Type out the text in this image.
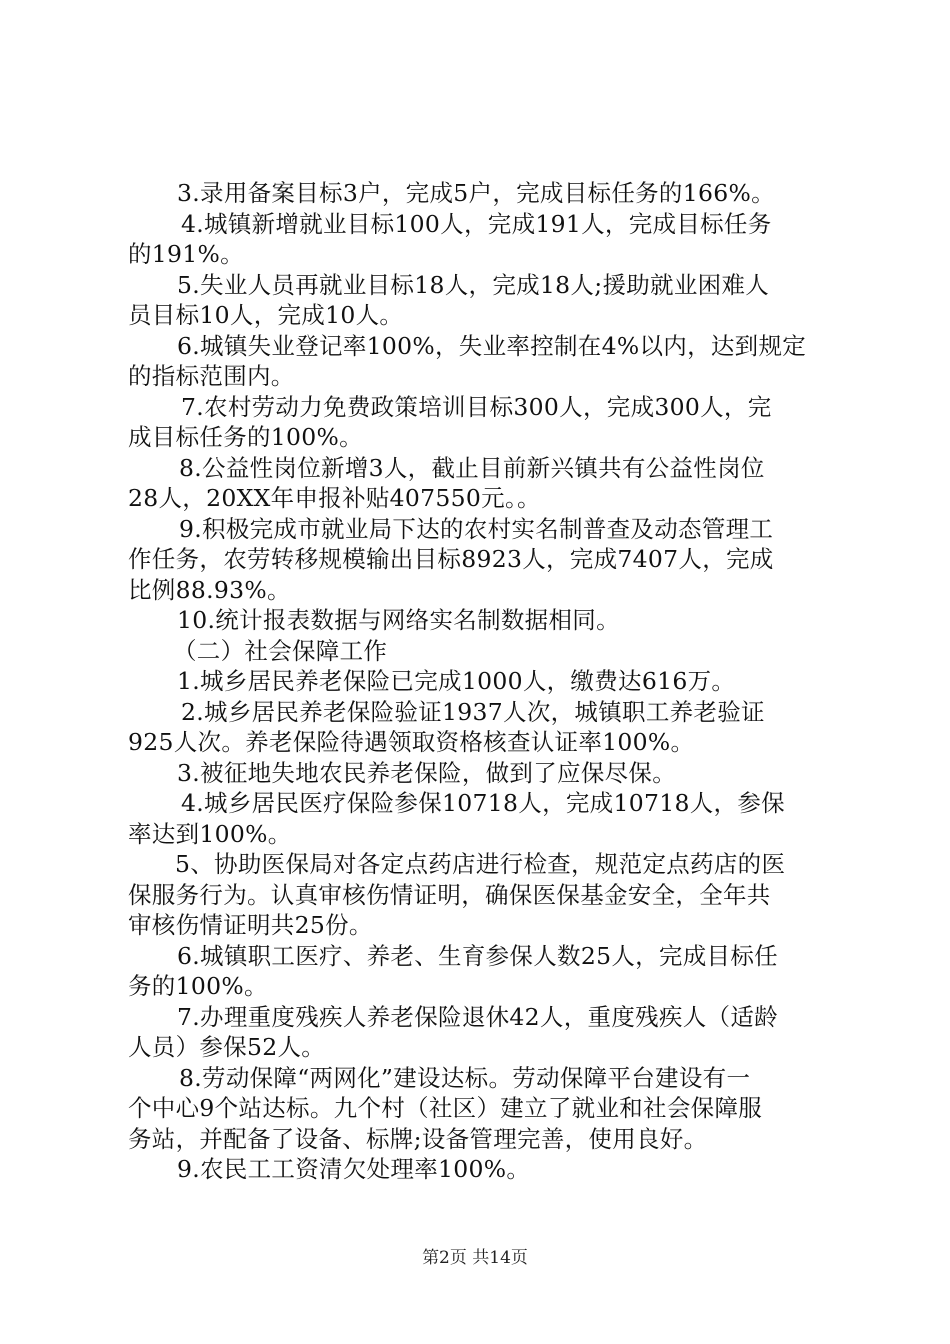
3.录用备案目标3户，完成5户，完成目标任务的166%。
4.城镇新增就业目标100人，完成191人，完成目标任务
的191%。
5.失业人员再就业目标18人，完成18人;援助就业困难人
员目标10人，完成10人。
6.城镇失业登记率100%，失业率控制在4%以内，达到规定
的指标范围内。
7.农村劳动力免费政策培训目标300人，完成300人，完
成目标任务的100%。
8.公益性岗位新增3人，截止目前新兴镇共有公益性岗位
28人，20XX年申报补贴407550元。。
9.积极完成市就业局下达的农村实名制普查及动态管理工
作任务，农劳转移规模输出目标8923人，完成7407人，完成
比例88.93%。
10.统计报表数据与网络实名制数据相同。
（二）社会保障工作
1.城乡居民养老保险已完成1000人，缴费达616万。
2.城乡居民养老保险验证1937人次，城镇职工养老验证
925人次。养老保险待遇领取资格核查认证率100%。
3.被征地失地农民养老保险，做到了应保尽保。
4.城乡居民医疗保险参保10718人，完成10718人，参保
率达到100%。
5、协助医保局对各定点药店进行检查，规范定点药店的医
保服务行为。认真审核伤情证明，确保医保基金安全，全年共
审核伤情证明共25份。
6.城镇职工医疗、养老、生育参保人数25人，完成目标任
务的100%。
7.办理重度残疾人养老保险退休42人，重度残疾人（适龄
人员）参保52人。
8.劳动保障“两网化”建设达标。劳动保障平台建设有一
个中心9个站达标。九个村（社区）建立了就业和社会保障服
务站，并配备了设备、标牌;设备管理完善，使用良好。
9.农民工工资清欠处理率100%。
第2页 共14页
